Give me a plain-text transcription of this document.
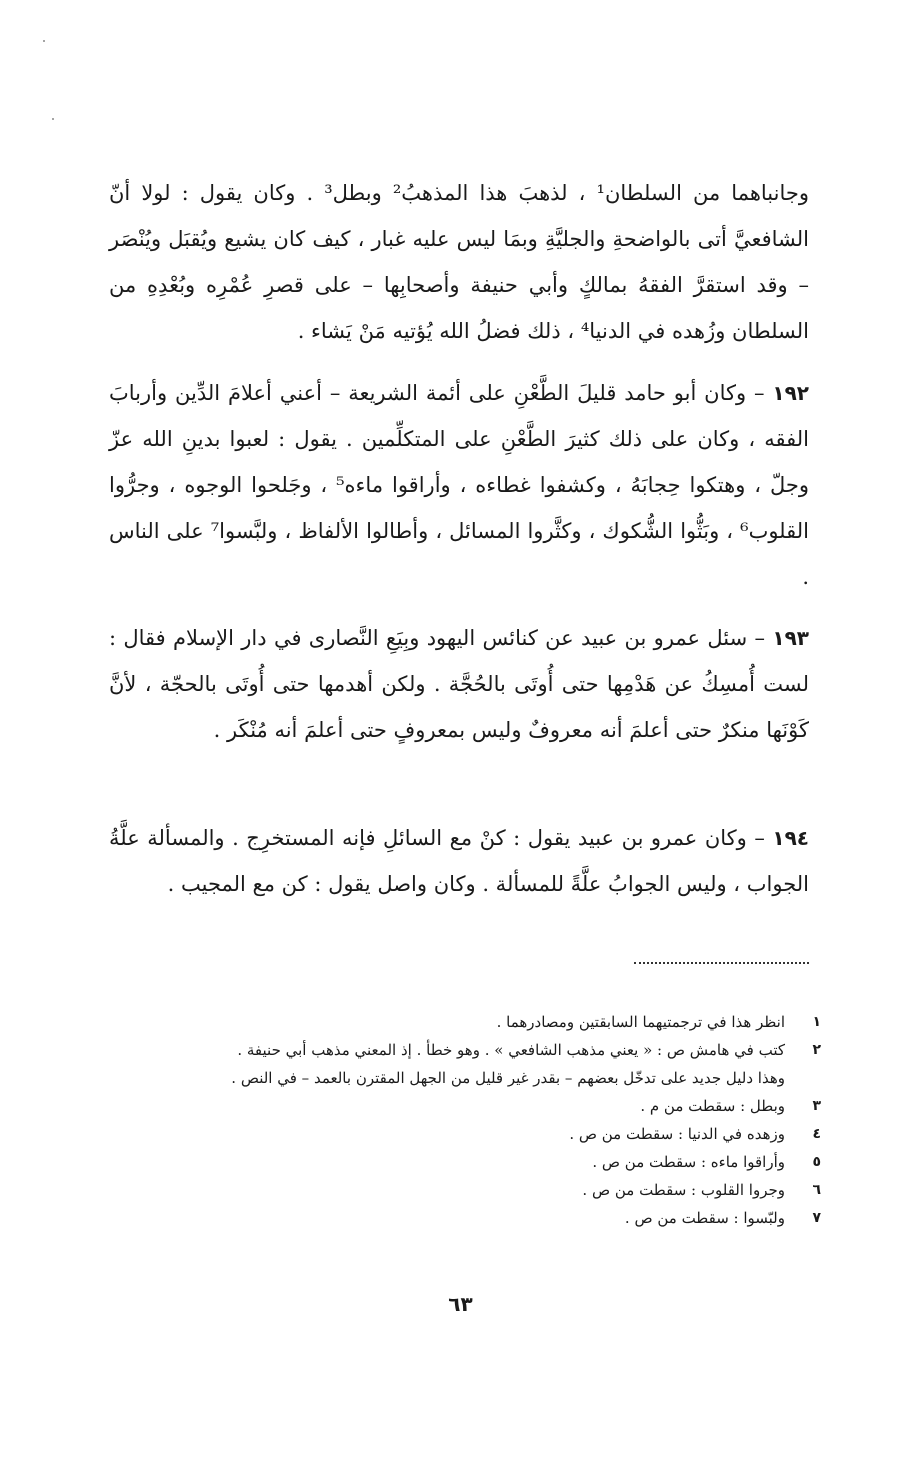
وجانباهما من السلطان¹ ، لذهبَ هذا المذهبُ² وبطل³ . وكان يقول : لولا أنّ الشافعيَّ أتى بالواضحةِ والجليَّةِ وبمَا ليس عليه غبار ، كيف كان يشيع ويُقبَل ويُنْصَر – وقد استقرَّ الفقهُ بمالكٍ وأبي حنيفة وأصحابِها – على قصرِ عُمْرِه وبُعْدِهِ من السلطان وزُهده في الدنيا⁴ ، ذلك فضلُ الله يُؤتيه مَنْ يَشاء .

١٩٢ – وكان أبو حامد قليلَ الطَّعْنِ على أئمة الشريعة – أعني أعلامَ الدِّين وأربابَ الفقه ، وكان على ذلك كثيرَ الطَّعْنِ على المتكلِّمين . يقول : لعبوا بدينِ الله عزّ وجلّ ، وهتكوا حِجابَهُ ، وكشفوا غطاءه ، وأراقوا ماءه⁵ ، وجَلحوا الوجوه ، وجرُّوا القلوب⁶ ، وبَثُّوا الشُّكوك ، وكثَّروا المسائل ، وأطالوا الألفاظ ، ولبَّسوا⁷ على الناس .

١٩٣ – سئل عمرو بن عبيد عن كنائس اليهود وبِيَعِ النَّصارى في دار الإسلام فقال : لست أُمسِكُ عن هَدْمِها حتى أُوتَى بالحُجَّة . ولكن أهدمها حتى أُوتَى بالحجّة ، لأنَّ كَوْنَها منكرٌ حتى أعلمَ أنه معروفٌ وليس بمعروفٍ حتى أعلمَ أنه مُنْكَر .

١٩٤ – وكان عمرو بن عبيد يقول : كنْ مع السائلِ فإنه المستخرِج . والمسألة علَّةُ الجواب ، وليس الجوابُ علَّةً للمسألة . وكان واصل يقول : كن مع المجيب .

١
انظر هذا في ترجمتيهما السابقتين ومصادرهما .
٢
كتب في هامش ص : « يعني مذهب الشافعي » . وهو خطأ . إذ المعني مذهب أبي حنيفة .
وهذا دليل جديد على تدخّل بعضهم – بقدر غير قليل من الجهل المقترن بالعمد – في النص .
٣
وبطل : سقطت من م .
٤
وزهده في الدنيا : سقطت من ص .
٥
وأراقوا ماءه : سقطت من ص .
٦
وجروا القلوب : سقطت من ص .
٧
ولبّسوا : سقطت من ص .
٦٣
